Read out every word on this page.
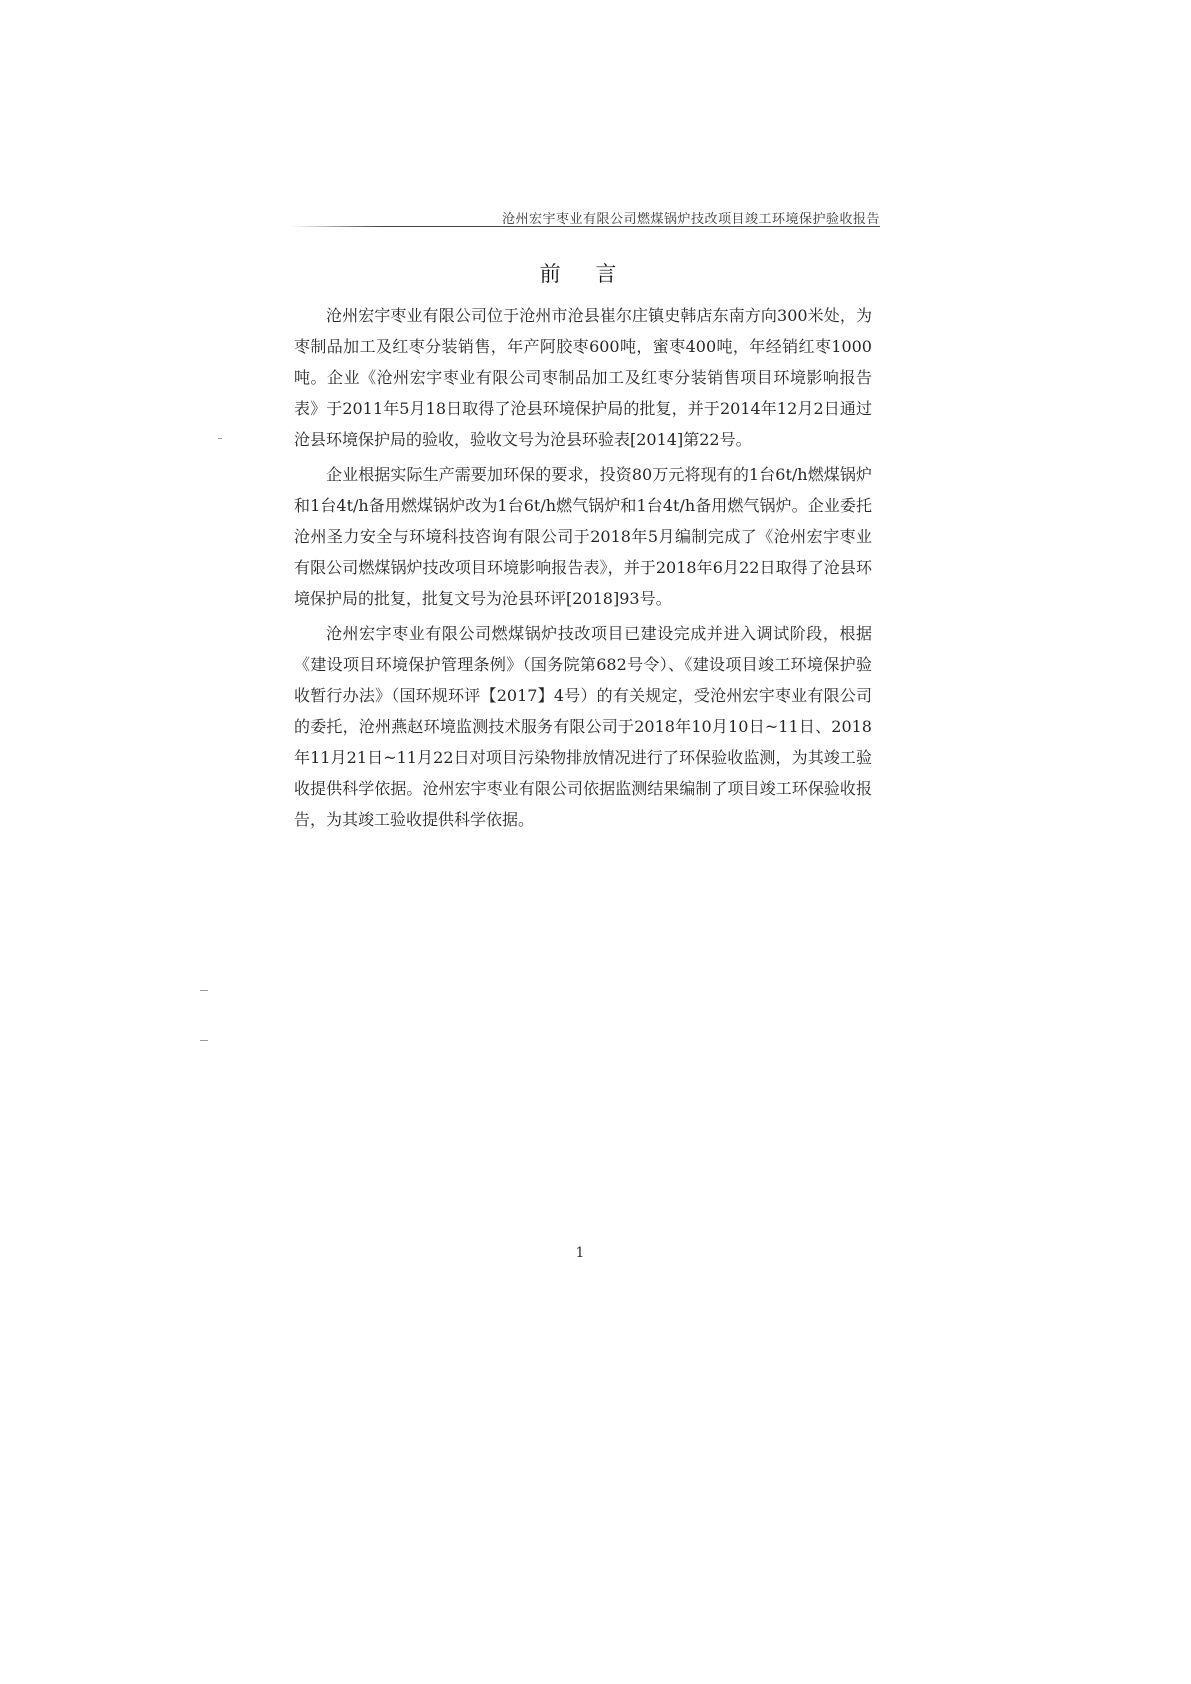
沧州宏宇枣业有限公司燃煤锅炉技改项目竣工环境保护验收报告
前 言

沧州宏宇枣业有限公司位于沧州市沧县崔尔庄镇史韩店东南方向300米处，为枣制品加工及红枣分装销售，年产阿胶枣600吨，蜜枣400吨，年经销红枣1000吨。企业《沧州宏宇枣业有限公司枣制品加工及红枣分装销售项目环境影响报告表》于2011年5月18日取得了沧县环境保护局的批复，并于2014年12月2日通过沧县环境保护局的验收，验收文号为沧县环验表[2014]第22号。

企业根据实际生产需要加环保的要求，投资80万元将现有的1台6t/h燃煤锅炉和1台4t/h备用燃煤锅炉改为1台6t/h燃气锅炉和1台4t/h备用燃气锅炉。企业委托沧州圣力安全与环境科技咨询有限公司于2018年5月编制完成了《沧州宏宇枣业有限公司燃煤锅炉技改项目环境影响报告表》，并于2018年6月22日取得了沧县环境保护局的批复，批复文号为沧县环评[2018]93号。

沧州宏宇枣业有限公司燃煤锅炉技改项目已建设完成并进入调试阶段，根据《建设项目环境保护管理条例》（国务院第682号令）、《建设项目竣工环境保护验收暂行办法》（国环规环评【2017】4号）的有关规定，受沧州宏宇枣业有限公司的委托，沧州燕赵环境监测技术服务有限公司于2018年10月10日~11日、2018年11月21日~11月22日对项目污染物排放情况进行了环保验收监测，为其竣工验收提供科学依据。沧州宏宇枣业有限公司依据监测结果编制了项目竣工环保验收报告，为其竣工验收提供科学依据。

1
